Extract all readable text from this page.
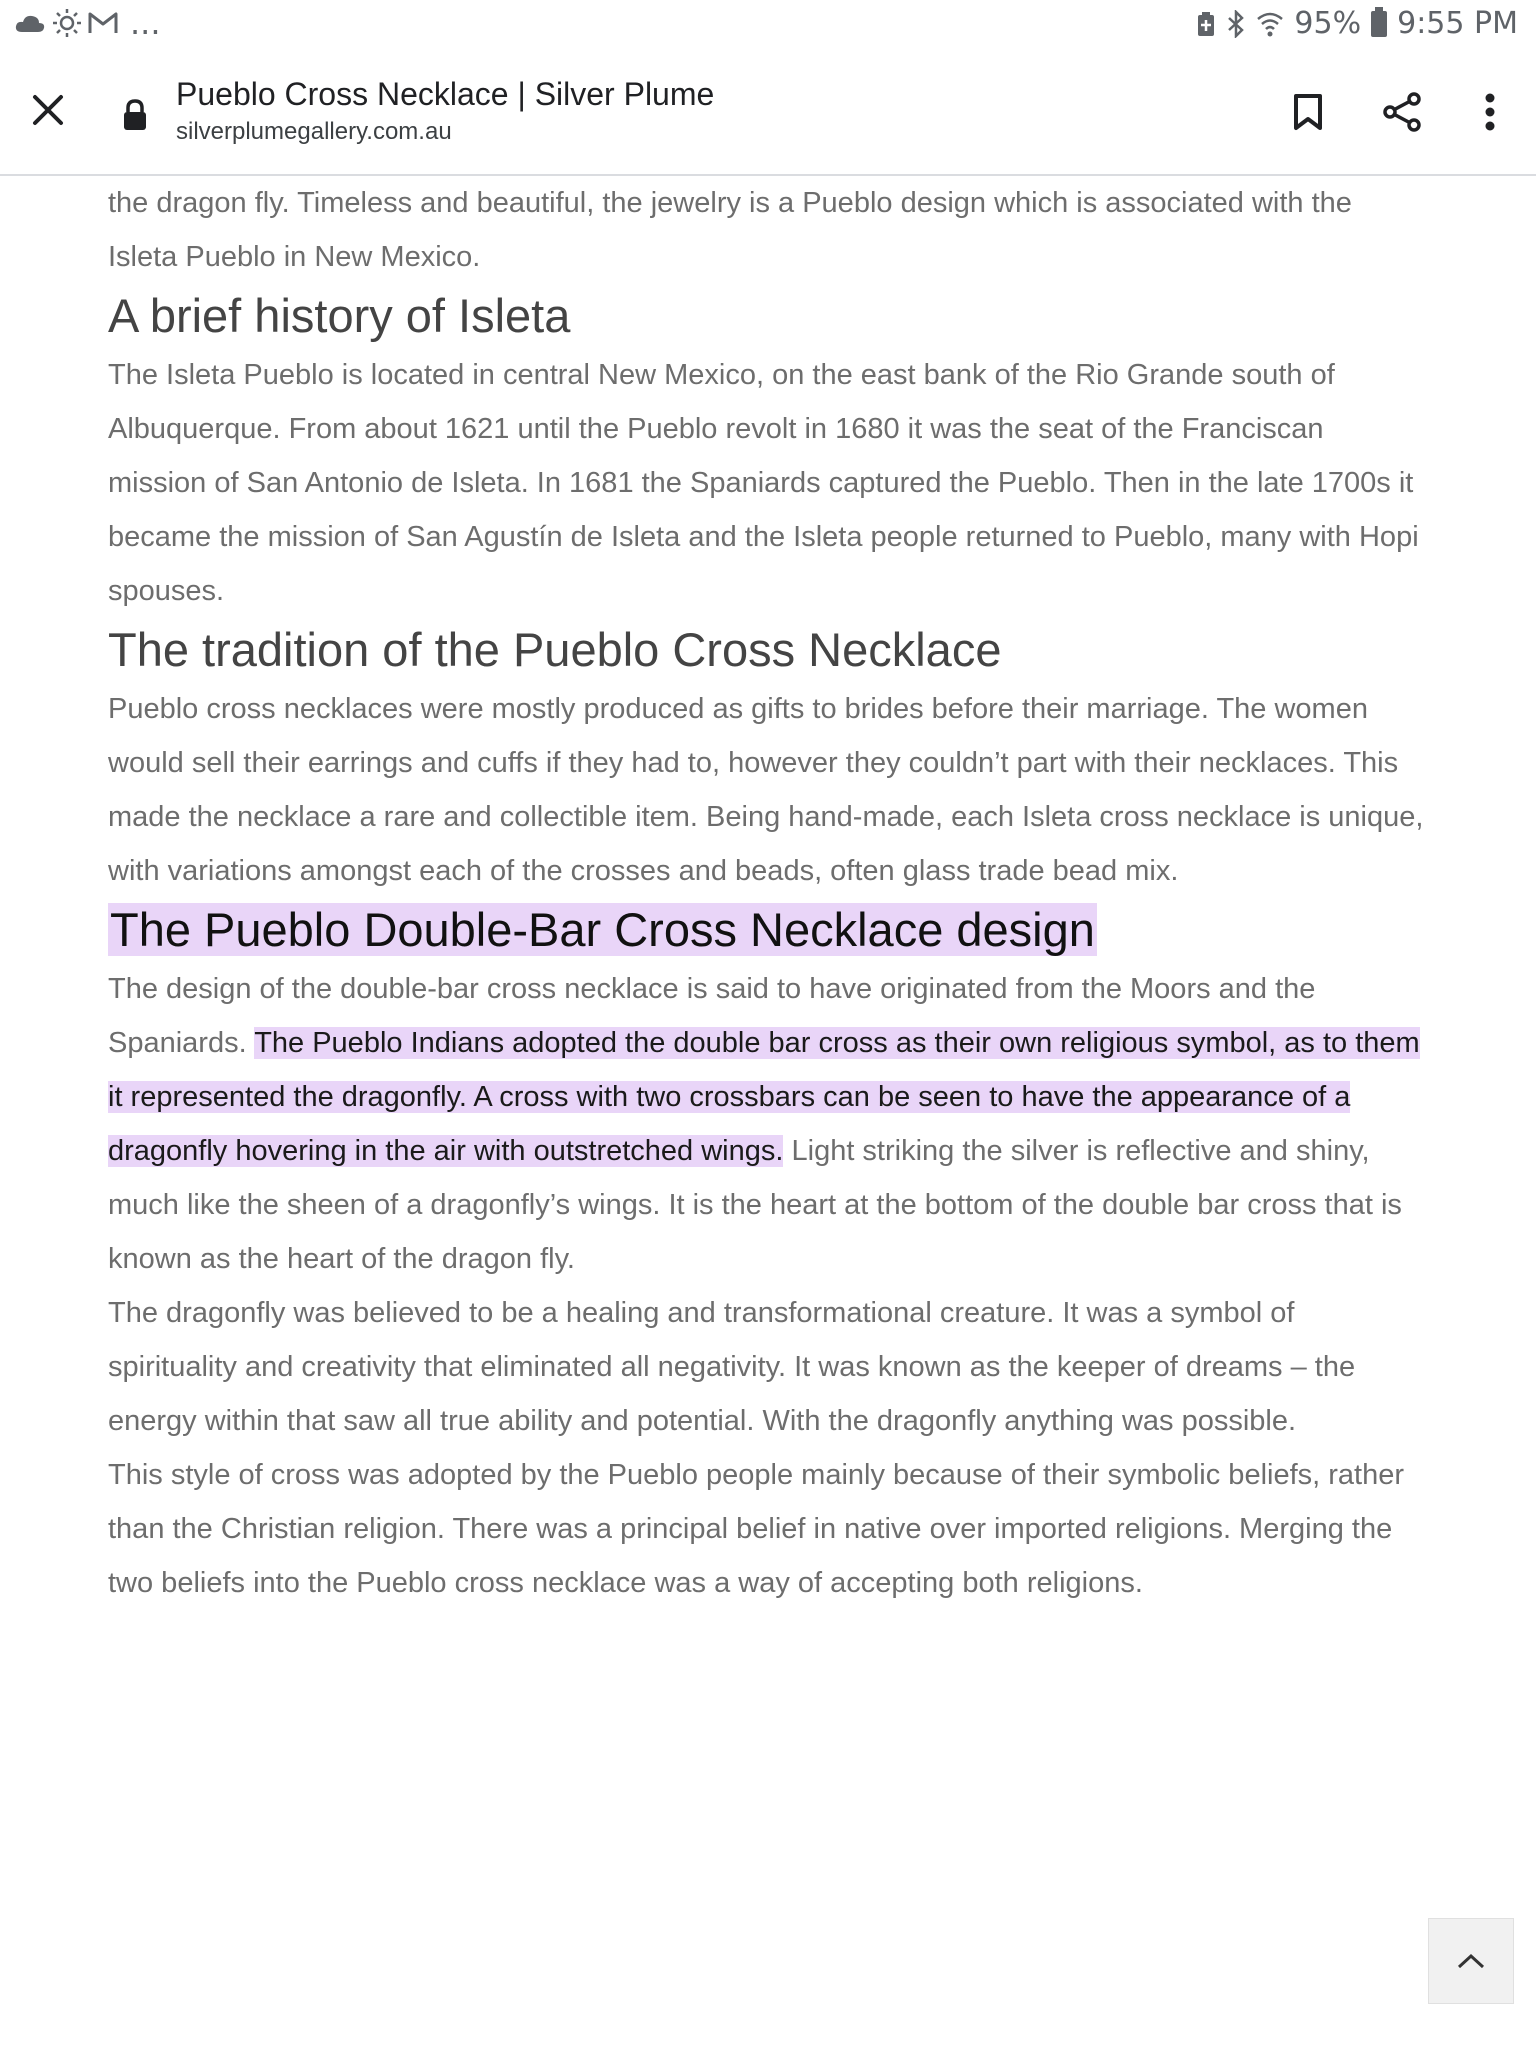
...	95% 9:55 PM
Pueblo Cross Necklace | Silver Plume
silverplumegallery.com.au

the dragon fly. Timeless and beautiful, the jewelry is a Pueblo design which is associated with the Isleta Pueblo in New Mexico.

A brief history of Isleta

The Isleta Pueblo is located in central New Mexico, on the east bank of the Rio Grande south of Albuquerque. From about 1621 until the Pueblo revolt in 1680 it was the seat of the Franciscan mission of San Antonio de Isleta. In 1681 the Spaniards captured the Pueblo. Then in the late 1700s it became the mission of San Agustín de Isleta and the Isleta people returned to Pueblo, many with Hopi spouses.

The tradition of the Pueblo Cross Necklace

Pueblo cross necklaces were mostly produced as gifts to brides before their marriage. The women would sell their earrings and cuffs if they had to, however they couldn’t part with their necklaces. This made the necklace a rare and collectible item. Being hand-made, each Isleta cross necklace is unique, with variations amongst each of the crosses and beads, often glass trade bead mix.

The Pueblo Double-Bar Cross Necklace design

The design of the double-bar cross necklace is said to have originated from the Moors and the Spaniards. The Pueblo Indians adopted the double bar cross as their own religious symbol, as to them it represented the dragonfly. A cross with two crossbars can be seen to have the appearance of a dragonfly hovering in the air with outstretched wings. Light striking the silver is reflective and shiny, much like the sheen of a dragonfly’s wings. It is the heart at the bottom of the double bar cross that is known as the heart of the dragon fly.

The dragonfly was believed to be a healing and transformational creature. It was a symbol of spirituality and creativity that eliminated all negativity. It was known as the keeper of dreams – the energy within that saw all true ability and potential. With the dragonfly anything was possible.

This style of cross was adopted by the Pueblo people mainly because of their symbolic beliefs, rather than the Christian religion. There was a principal belief in native over imported religions. Merging the two beliefs into the Pueblo cross necklace was a way of accepting both religions.
